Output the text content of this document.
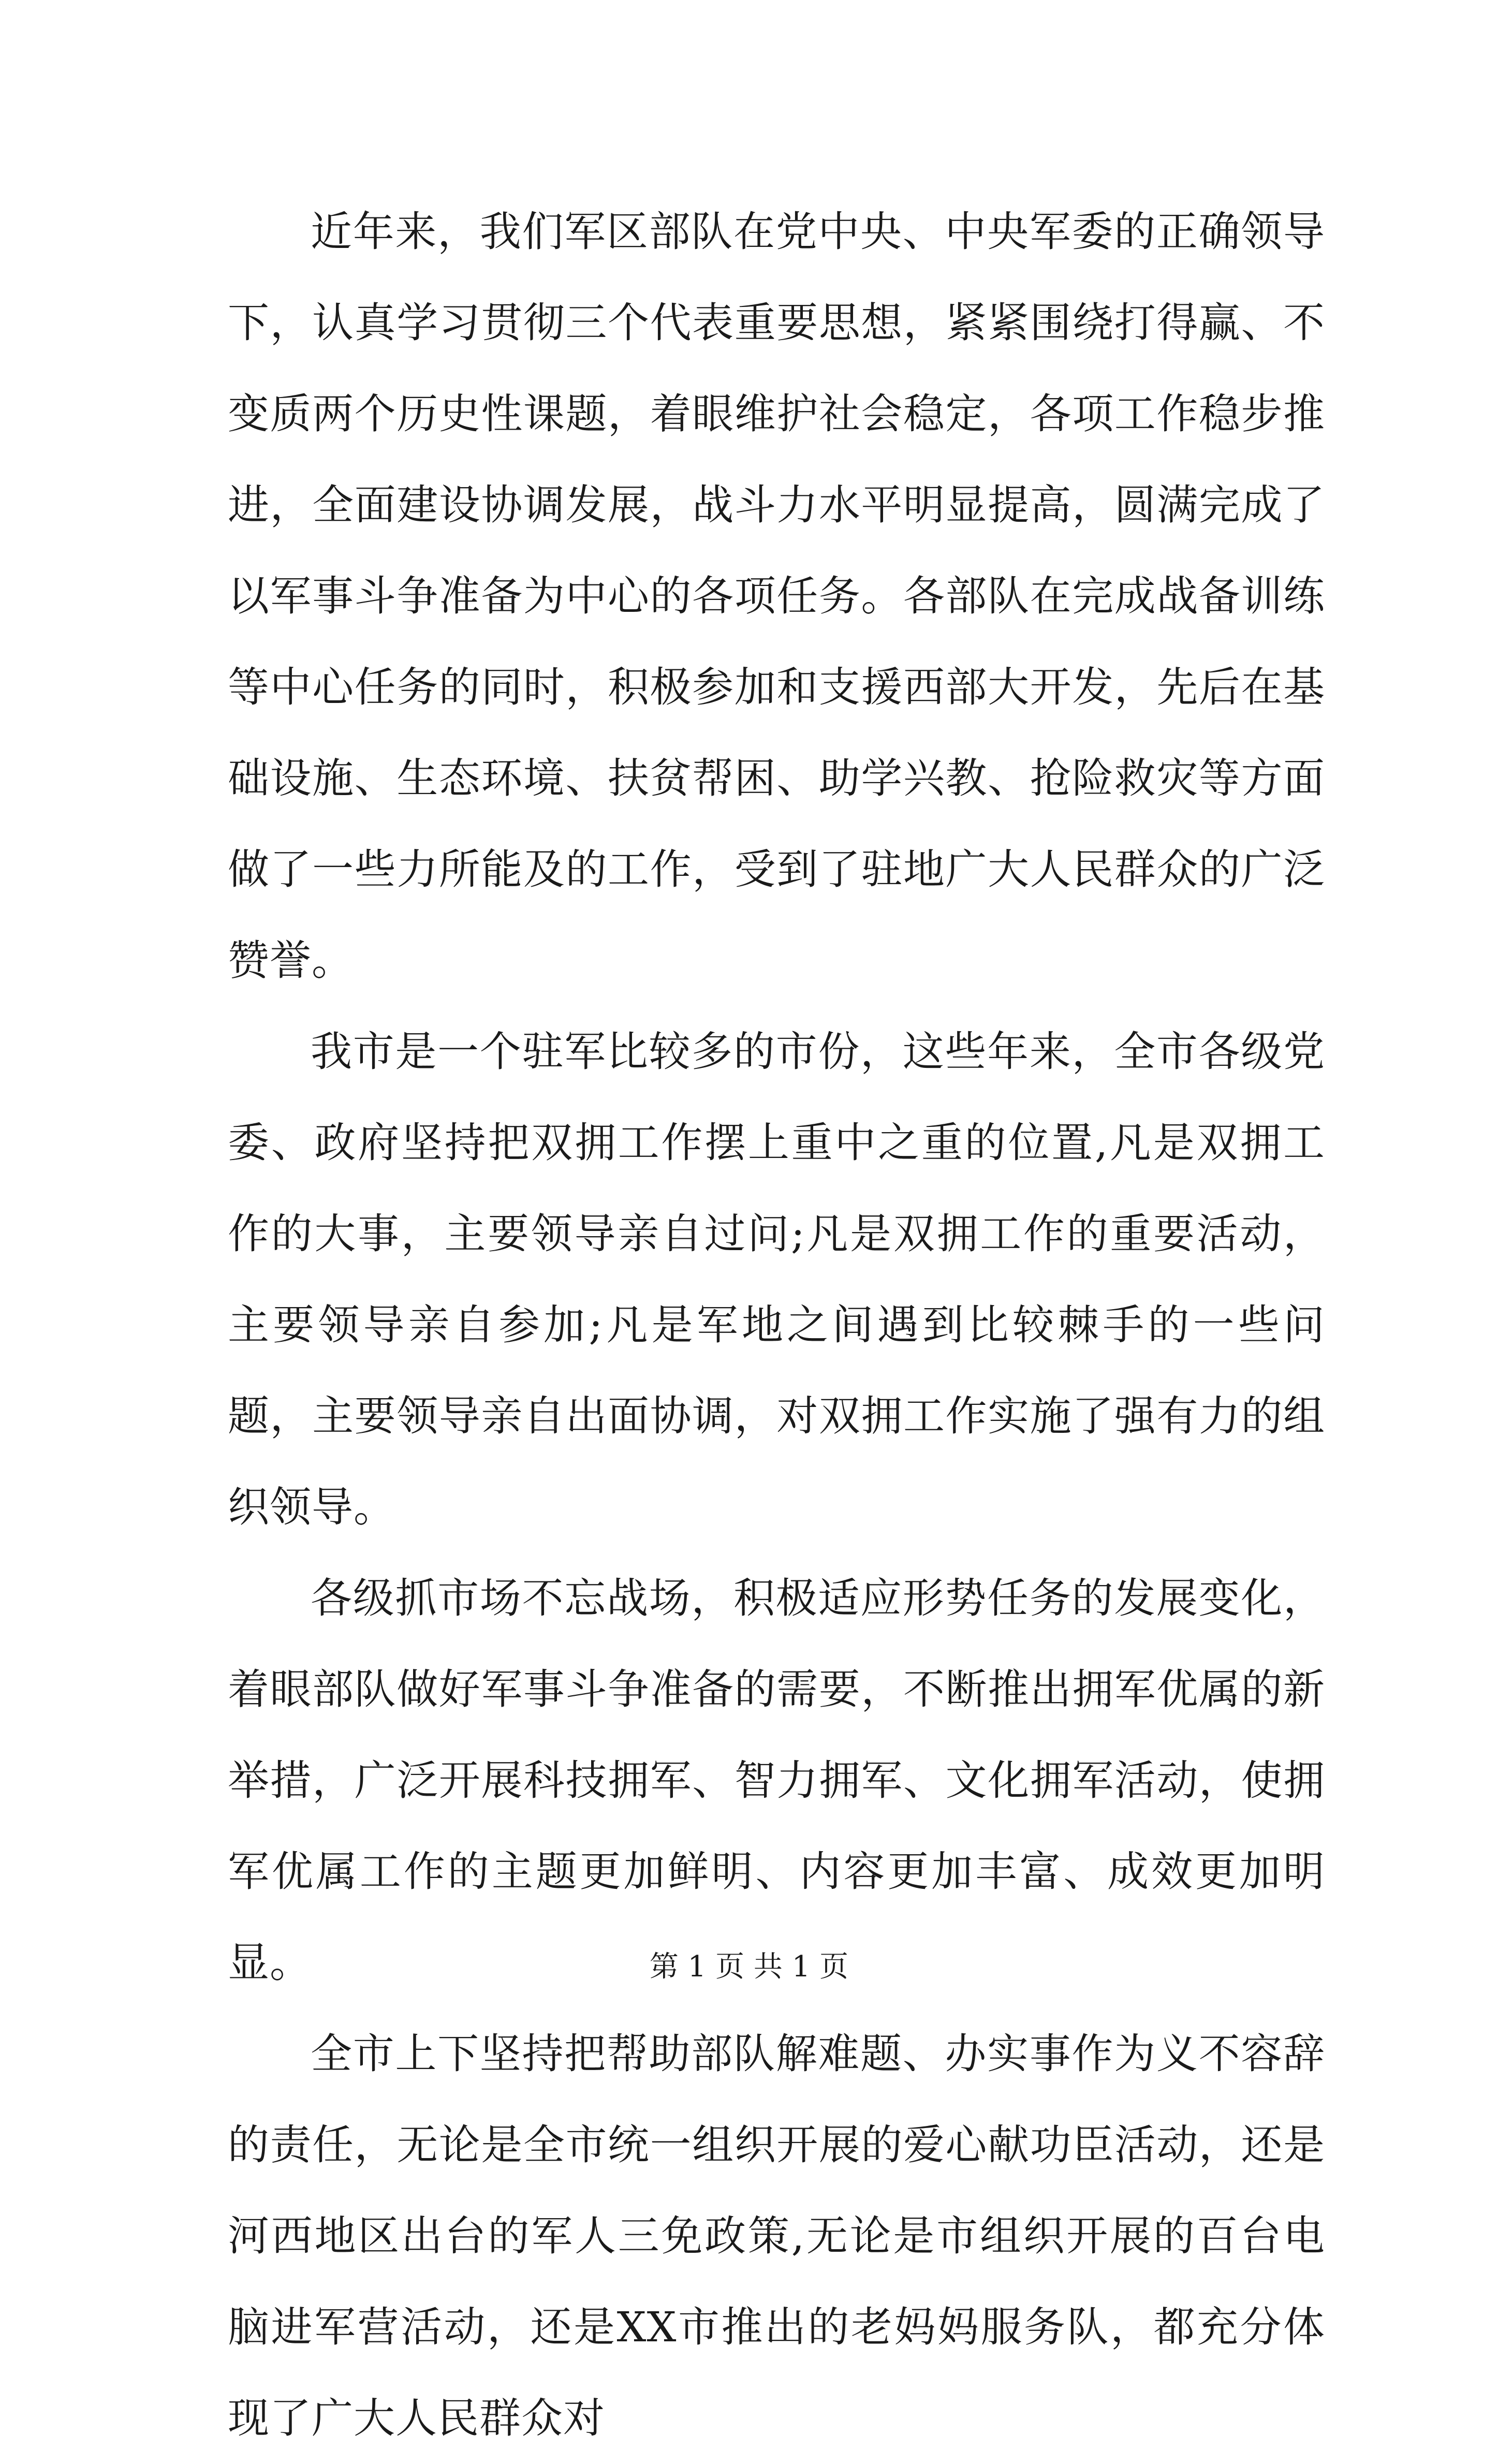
近年来，我们军区部队在党中央、中央军委的正确领导下，认真学习贯彻三个代表重要思想，紧紧围绕打得赢、不变质两个历史性课题，着眼维护社会稳定，各项工作稳步推进，全面建设协调发展，战斗力水平明显提高，圆满完成了以军事斗争准备为中心的各项任务。各部队在完成战备训练等中心任务的同时，积极参加和支援西部大开发，先后在基础设施、生态环境、扶贫帮困、助学兴教、抢险救灾等方面做了一些力所能及的工作，受到了驻地广大人民群众的广泛赞誉。

我市是一个驻军比较多的市份，这些年来，全市各级党委、政府坚持把双拥工作摆上重中之重的位置,凡是双拥工作的大事，主要领导亲自过问;凡是双拥工作的重要活动，主要领导亲自参加;凡是军地之间遇到比较棘手的一些问题，主要领导亲自出面协调，对双拥工作实施了强有力的组织领导。

各级抓市场不忘战场，积极适应形势任务的发展变化，着眼部队做好军事斗争准备的需要，不断推出拥军优属的新举措，广泛开展科技拥军、智力拥军、文化拥军活动，使拥军优属工作的主题更加鲜明、内容更加丰富、成效更加明显。

全市上下坚持把帮助部队解难题、办实事作为义不容辞的责任，无论是全市统一组织开展的爱心献功臣活动，还是河西地区出台的军人三免政策,无论是市组织开展的百台电脑进军营活动，还是XX市推出的老妈妈服务队，都充分体现了广大人民群众对

第 1 页 共 1 页
